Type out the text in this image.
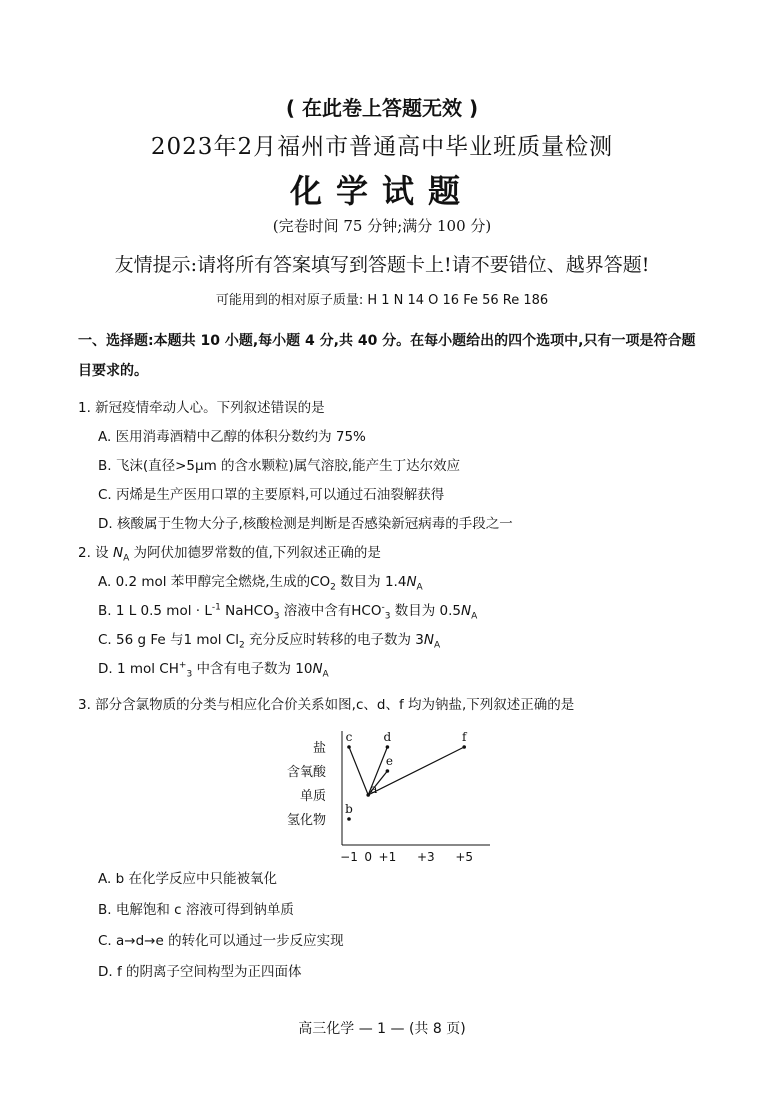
( 在此卷上答题无效 )
2023年2月福州市普通高中毕业班质量检测
化学试题
(完卷时间 75 分钟;满分 100 分)
友情提示:请将所有答案填写到答题卡上!请不要错位、越界答题!
可能用到的相对原子质量: H 1 N 14 O 16 Fe 56 Re 186
一、选择题:本题共 10 小题,每小题 4 分,共 40 分。在每小题给出的四个选项中,只有一项是符合题目要求的。
1. 新冠疫情牵动人心。下列叙述错误的是
A. 医用消毒酒精中乙醇的体积分数约为 75%
B. 飞沫(直径>5μm 的含水颗粒)属气溶胶,能产生丁达尔效应
C. 丙烯是生产医用口罩的主要原料,可以通过石油裂解获得
D. 核酸属于生物大分子,核酸检测是判断是否感染新冠病毒的手段之一
2. 设 $N_A$ 为阿伏加德罗常数的值,下列叙述正确的是
A. 0.2 mol 苯甲醇完全燃烧,生成的$CO_2$ 数目为 $1.4N_A$
B. 1 L 0.5 mol · $L^{-1}$ NaHCO$_3$ 溶液中含有$HCO^-_3$ 数目为 $0.5N_A$
C. 56 g Fe 与1 mol $Cl_2$ 充分反应时转移的电子数为 $3N_A$
D. 1 mol $CH^+_3$ 中含有电子数为 $10N_A$
3. 部分含氯物质的分类与相应化合价关系如图,c、d、f 均为钠盐,下列叙述正确的是
盐
含氧酸
单质
氢化物
−1 0 +1 +3 +5
c	d	f
e
a
b
A. b 在化学反应中只能被氧化
B. 电解饱和 c 溶液可得到钠单质
C. a→d→e 的转化可以通过一步反应实现
D. f 的阴离子空间构型为正四面体
高三化学 — 1 — (共 8 页)
